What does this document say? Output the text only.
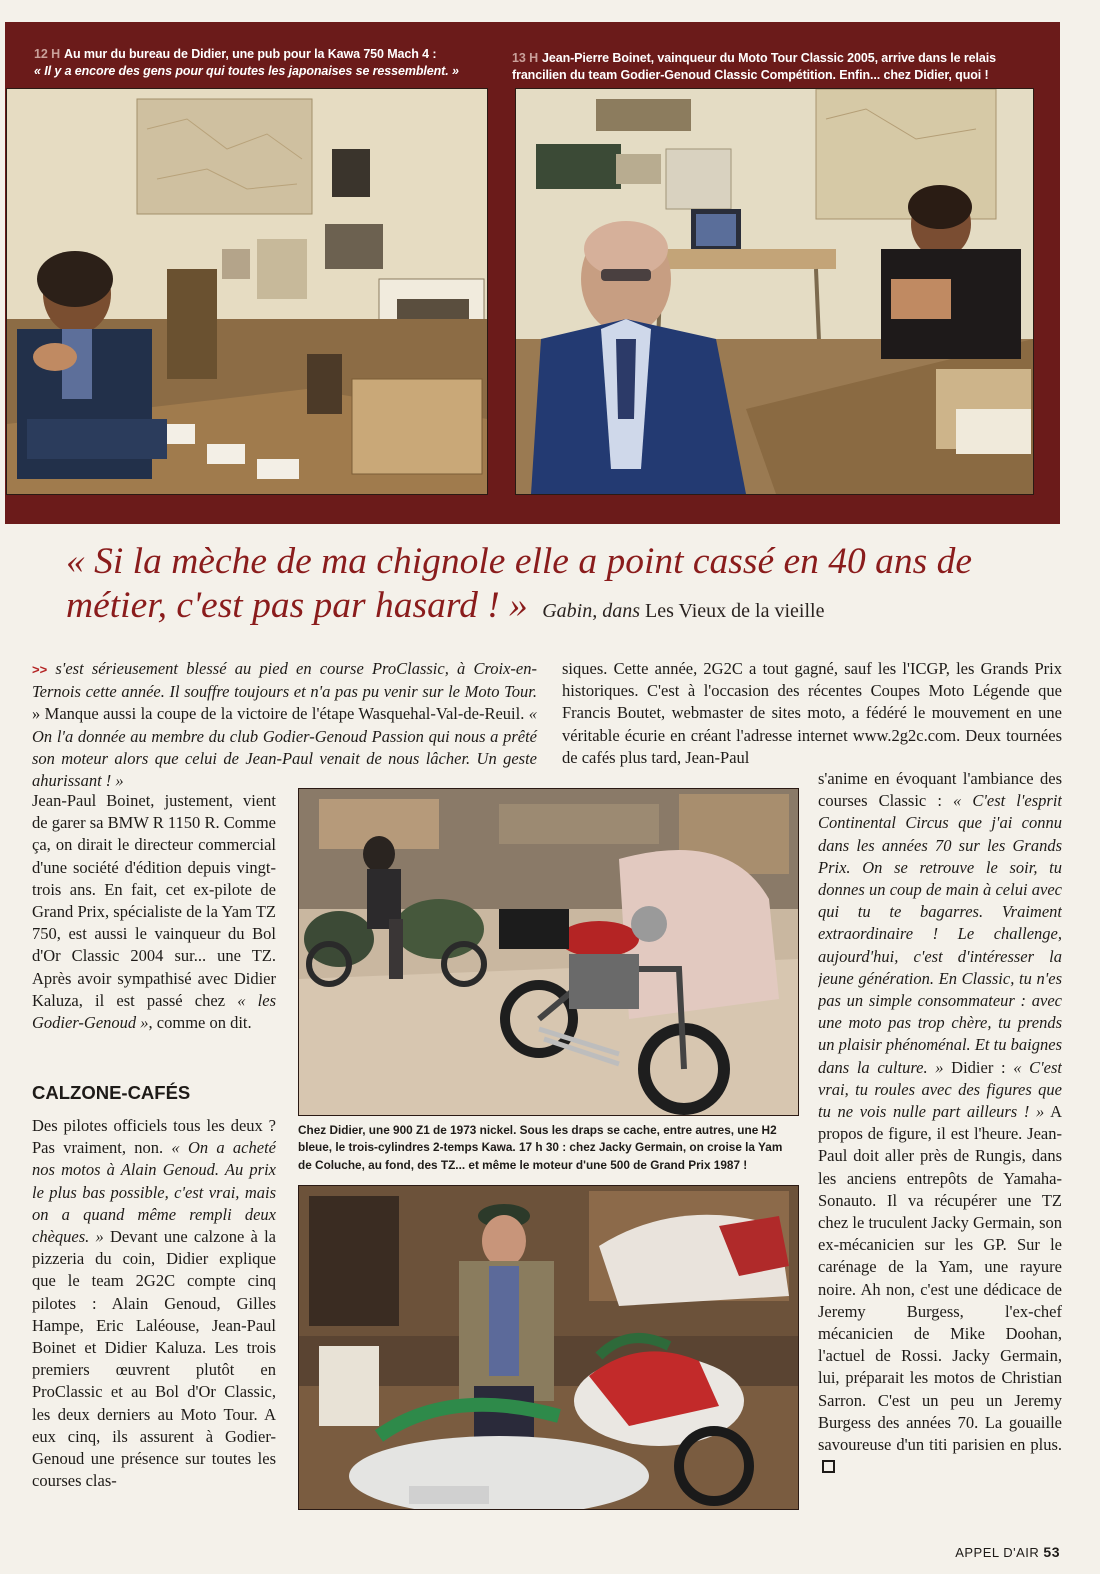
12 H Au mur du bureau de Didier, une pub pour la Kawa 750 Mach 4 :
« Il y a encore des gens pour qui toutes les japonaises se ressemblent. »
13 H Jean-Pierre Boinet, vainqueur du Moto Tour Classic 2005, arrive dans le relais
francilien du team Godier-Genoud Classic Compétition. Enfin... chez Didier, quoi !
« Si la mèche de ma chignole elle a point cassé en 40 ans de métier, c'est pas par hasard ! » Gabin, dans Les Vieux de la vieille

>> s'est sérieusement blessé au pied en course ProClassic, à Croix-en-Ternois cette année. Il souffre toujours et n'a pas pu venir sur le Moto Tour. » Manque aussi la coupe de la victoire de l'étape Wasquehal-Val-de-Reuil. « On l'a donnée au membre du club Godier-Genoud Passion qui nous a prêté son moteur alors que celui de Jean-Paul venait de nous lâcher. Un geste ahurissant ! »

Jean-Paul Boinet, justement, vient de garer sa BMW R 1150 R. Comme ça, on dirait le directeur commercial d'une société d'édition depuis vingt-trois ans. En fait, cet ex-pilote de Grand Prix, spécialiste de la Yam TZ 750, est aussi le vainqueur du Bol d'Or Classic 2004 sur... une TZ. Après avoir sympathisé avec Didier Kaluza, il est passé chez « les Godier-Genoud », comme on dit.

CALZONE-CAFÉS

Des pilotes officiels tous les deux ? Pas vraiment, non. « On a acheté nos motos à Alain Genoud. Au prix le plus bas possible, c'est vrai, mais on a quand même rempli deux chèques. » Devant une calzone à la pizzeria du coin, Didier explique que le team 2G2C compte cinq pilotes : Alain Genoud, Gilles Hampe, Eric Laléouse, Jean-Paul Boinet et Didier Kaluza. Les trois premiers œuvrent plutôt en ProClassic et au Bol d'Or Classic, les deux derniers au Moto Tour. A eux cinq, ils assurent à Godier-Genoud une présence sur toutes les courses clas-

siques. Cette année, 2G2C a tout gagné, sauf les l'ICGP, les Grands Prix historiques. C'est à l'occasion des récentes Coupes Moto Légende que Francis Boutet, webmaster de sites moto, a fédéré le mouvement en une véritable écurie en créant l'adresse internet www.2g2c.com. Deux tournées de cafés plus tard, Jean-Paul

s'anime en évoquant l'ambiance des courses Classic : « C'est l'esprit Continental Circus que j'ai connu dans les années 70 sur les Grands Prix. On se retrouve le soir, tu donnes un coup de main à celui avec qui tu te bagarres. Vraiment extraordinaire ! Le challenge, aujourd'hui, c'est d'intéresser la jeune génération. En Classic, tu n'es pas un simple consommateur : avec une moto pas trop chère, tu prends un plaisir phénoménal. Et tu baignes dans la culture. » Didier : « C'est vrai, tu roules avec des figures que tu ne vois nulle part ailleurs ! » A propos de figure, il est l'heure. Jean-Paul doit aller près de Rungis, dans les anciens entrepôts de Yamaha-Sonauto. Il va récupérer une TZ chez le truculent Jacky Germain, son ex-mécanicien sur les GP. Sur le carénage de la Yam, une rayure noire. Ah non, c'est une dédicace de Jeremy Burgess, l'ex-chef mécanicien de Mike Doohan, l'actuel de Rossi. Jacky Germain, lui, préparait les motos de Christian Sarron. C'est un peu un Jeremy Burgess des années 70. La gouaille savoureuse d'un titi parisien en plus.

Chez Didier, une 900 Z1 de 1973 nickel. Sous les draps se cache, entre autres, une H2 bleue, le trois-cylindres 2-temps Kawa. 17 h 30 : chez Jacky Germain, on croise la Yam de Coluche, au fond, des TZ... et même le moteur d'une 500 de Grand Prix 1987 !
APPEL D'AIR 53
